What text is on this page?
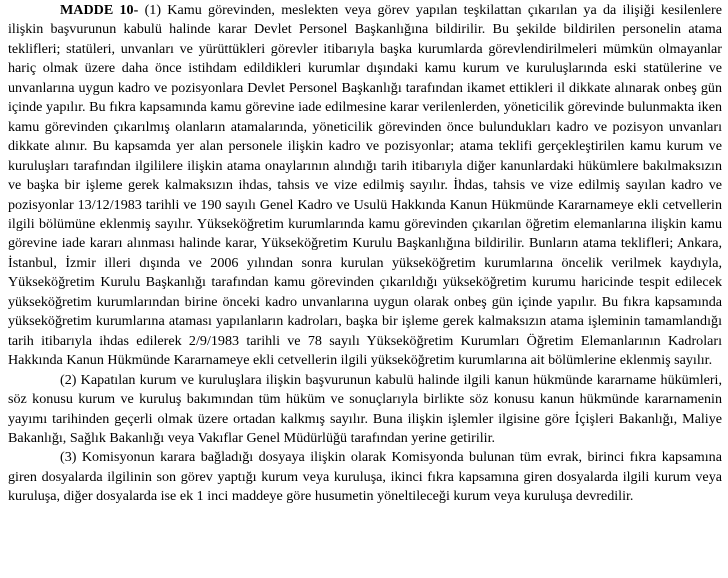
MADDE 10- (1) Kamu görevinden, meslekten veya görev yapılan teşkilattan çıkarılan ya da ilişiği kesilenlere ilişkin başvurunun kabulü halinde karar Devlet Personel Başkanlığına bildirilir. Bu şekilde bildirilen personelin atama teklifleri; statüleri, unvanları ve yürüttükleri görevler itibarıyla başka kurumlarda görevlendirilmeleri mümkün olmayanlar hariç olmak üzere daha önce istihdam edildikleri kurumlar dışındaki kamu kurum ve kuruluşlarında eski statülerine ve unvanlarına uygun kadro ve pozisyonlara Devlet Personel Başkanlığı tarafından ikamet ettikleri il dikkate alınarak onbeş gün içinde yapılır. Bu fıkra kapsamında kamu görevine iade edilmesine karar verilenlerden, yöneticilik görevinde bulunmakta iken kamu görevinden çıkarılmış olanların atamalarında, yöneticilik görevinden önce bulundukları kadro ve pozisyon unvanları dikkate alınır. Bu kapsamda yer alan personele ilişkin kadro ve pozisyonlar; atama teklifi gerçekleştirilen kamu kurum ve kuruluşları tarafından ilgililere ilişkin atama onaylarının alındığı tarih itibarıyla diğer kanunlardaki hükümlere bakılmaksızın ve başka bir işleme gerek kalmaksızın ihdas, tahsis ve vize edilmiş sayılır. İhdas, tahsis ve vize edilmiş sayılan kadro ve pozisyonlar 13/12/1983 tarihli ve 190 sayılı Genel Kadro ve Usulü Hakkında Kanun Hükmünde Kararnameye ekli cetvellerin ilgili bölümüne eklenmiş sayılır. Yükseköğretim kurumlarında kamu görevinden çıkarılan öğretim elemanlarına ilişkin kamu görevine iade kararı alınması halinde karar, Yükseköğretim Kurulu Başkanlığına bildirilir. Bunların atama teklifleri; Ankara, İstanbul, İzmir illeri dışında ve 2006 yılından sonra kurulan yükseköğretim kurumlarına öncelik verilmek kaydıyla, Yükseköğretim Kurulu Başkanlığı tarafından kamu görevinden çıkarıldığı yükseköğretim kurumu haricinde tespit edilecek yükseköğretim kurumlarından birine önceki kadro unvanlarına uygun olarak onbeş gün içinde yapılır. Bu fıkra kapsamında yükseköğretim kurumlarına ataması yapılanların kadroları, başka bir işleme gerek kalmaksızın atama işleminin tamamlandığı tarih itibarıyla ihdas edilerek 2/9/1983 tarihli ve 78 sayılı Yükseköğretim Kurumları Öğretim Elemanlarının Kadroları Hakkında Kanun Hükmünde Kararnameye ekli cetvellerin ilgili yükseköğretim kurumlarına ait bölümlerine eklenmiş sayılır.

(2) Kapatılan kurum ve kuruluşlara ilişkin başvurunun kabulü halinde ilgili kanun hükmünde kararname hükümleri, söz konusu kurum ve kuruluş bakımından tüm hüküm ve sonuçlarıyla birlikte söz konusu kanun hükmünde kararnamenin yayımı tarihinden geçerli olmak üzere ortadan kalkmış sayılır. Buna ilişkin işlemler ilgisine göre İçişleri Bakanlığı, Maliye Bakanlığı, Sağlık Bakanlığı veya Vakıflar Genel Müdürlüğü tarafından yerine getirilir.

(3) Komisyonun karara bağladığı dosyaya ilişkin olarak Komisyonda bulunan tüm evrak, birinci fıkra kapsamına giren dosyalarda ilgilinin son görev yaptığı kurum veya kuruluşa, ikinci fıkra kapsamına giren dosyalarda ilgili kurum veya kuruluşa, diğer dosyalarda ise ek 1 inci maddeye göre husumetin yöneltileceği kurum veya kuruluşa devredilir.
